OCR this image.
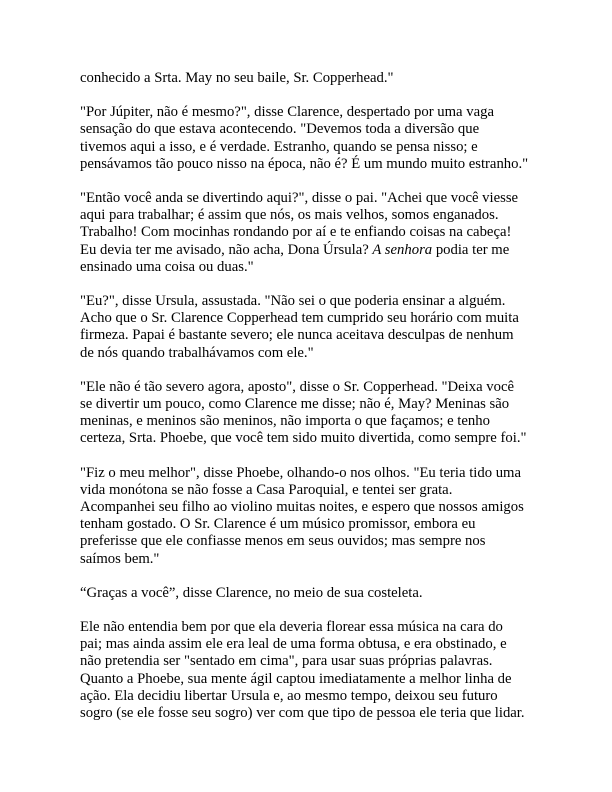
conhecido a Srta. May no seu baile, Sr. Copperhead."

"Por Júpiter, não é mesmo?", disse Clarence, despertado por uma vaga
sensação do que estava acontecendo. "Devemos toda a diversão que
tivemos aqui a isso, e é verdade. Estranho, quando se pensa nisso; e
pensávamos tão pouco nisso na época, não é? É um mundo muito estranho."

"Então você anda se divertindo aqui?", disse o pai. "Achei que você viesse
aqui para trabalhar; é assim que nós, os mais velhos, somos enganados.
Trabalho! Com mocinhas rondando por aí e te enfiando coisas na cabeça!
Eu devia ter me avisado, não acha, Dona Úrsula? A senhora podia ter me
ensinado uma coisa ou duas."

"Eu?", disse Ursula, assustada. "Não sei o que poderia ensinar a alguém.
Acho que o Sr. Clarence Copperhead tem cumprido seu horário com muita
firmeza. Papai é bastante severo; ele nunca aceitava desculpas de nenhum
de nós quando trabalhávamos com ele."

"Ele não é tão severo agora, aposto", disse o Sr. Copperhead. "Deixa você
se divertir um pouco, como Clarence me disse; não é, May? Meninas são
meninas, e meninos são meninos, não importa o que façamos; e tenho
certeza, Srta. Phoebe, que você tem sido muito divertida, como sempre foi."

"Fiz o meu melhor", disse Phoebe, olhando-o nos olhos. "Eu teria tido uma
vida monótona se não fosse a Casa Paroquial, e tentei ser grata.
Acompanhei seu filho ao violino muitas noites, e espero que nossos amigos
tenham gostado. O Sr. Clarence é um músico promissor, embora eu
preferisse que ele confiasse menos em seus ouvidos; mas sempre nos
saímos bem."

“Graças a você”, disse Clarence, no meio de sua costeleta.

Ele não entendia bem por que ela deveria florear essa música na cara do
pai; mas ainda assim ele era leal de uma forma obtusa, e era obstinado, e
não pretendia ser "sentado em cima", para usar suas próprias palavras.
Quanto a Phoebe, sua mente ágil captou imediatamente a melhor linha de
ação. Ela decidiu libertar Ursula e, ao mesmo tempo, deixou seu futuro
sogro (se ele fosse seu sogro) ver com que tipo de pessoa ele teria que lidar.
